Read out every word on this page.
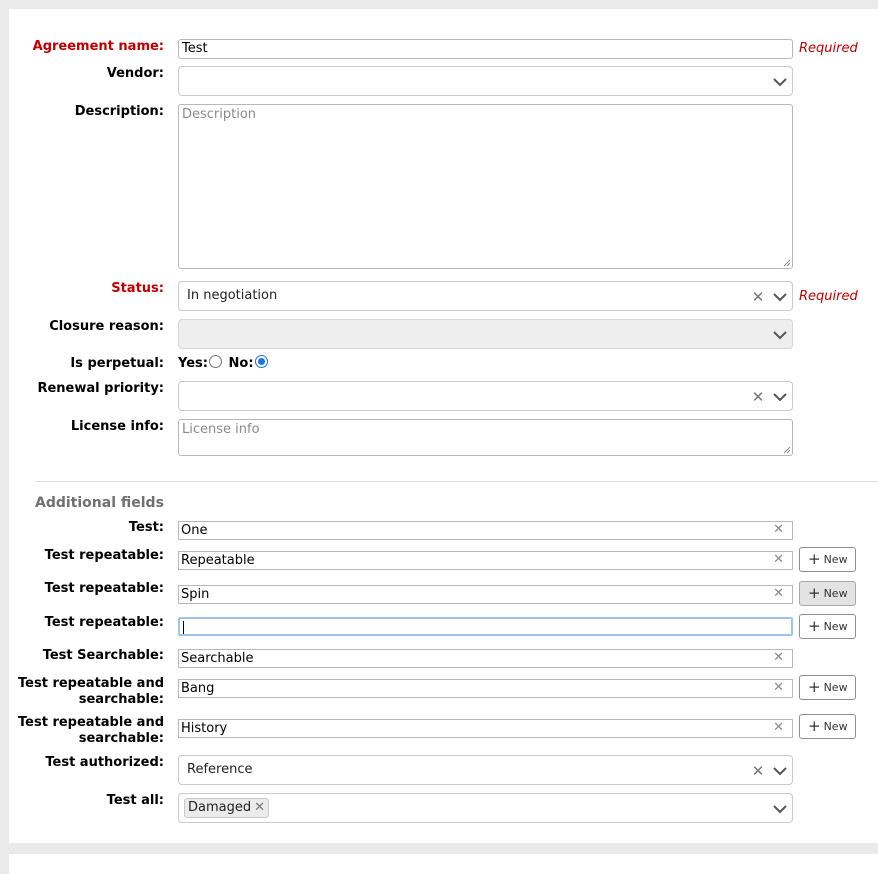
Agreement name:	Test	Required
Vendor:
Description:	Description
Status:	In negotiation	✕	Required
Closure reason:
Is perpetual: Yes: No:
Renewal priority:	✕
License info:	License info
Additional fields
Test: One	✕
Test repeatable: Repeatable	✕	+ New
Test repeatable: Spin	✕	+ New
Test repeatable:	+ New
Test Searchable: Searchable	✕
Test repeatable and searchable:
Bang	✕	+ New
Test repeatable and searchable:
History	✕	+ New
Test authorized:	Reference	✕
Test all:	Damaged ✕
